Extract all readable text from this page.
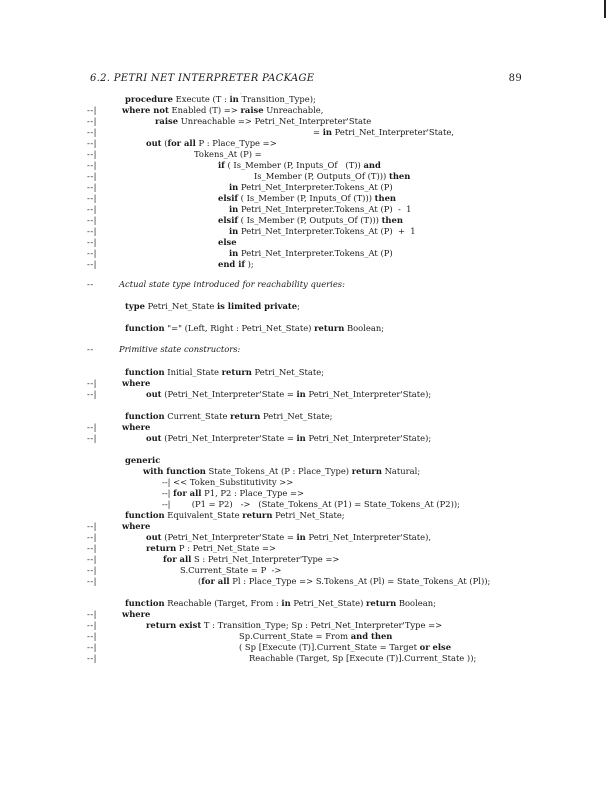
6.2. PETRI NET INTERPRETER PACKAGE	89
. .
procedure Execute (T : in Transition_Type);
--|	where not Enabled (T) => raise Unreachable,
--|	raise Unreachable => Petri_Net_Interpreter'State
--|	= in Petri_Net_Interpreter'State,
--|	out (for all P : Place_Type =>
--|	Tokens_At (P) =
--|	if ( Is_Member (P, Inputs_Of   (T)) and
--|	Is_Member (P, Outputs_Of (T))) then
--|	in Petri_Net_Interpreter.Tokens_At (P)
--|	elsif ( Is_Member (P, Inputs_Of (T))) then
--|	in Petri_Net_Interpreter.Tokens_At (P)  -  1
--|	elsif ( Is_Member (P, Outputs_Of (T))) then
--|	in Petri_Net_Interpreter.Tokens_At (P)  +  1
--|	else
--|	in Petri_Net_Interpreter.Tokens_At (P)
--|	end if );
--	Actual state type introduced for reachability queries:
type Petri_Net_State is limited private;
function "=" (Left, Right : Petri_Net_State) return Boolean;
--	Primitive state constructors:
function Initial_State return Petri_Net_State;
--|	where
--|	out (Petri_Net_Interpreter'State = in Petri_Net_Interpreter'State);
function Current_State return Petri_Net_State;
--|	where
--|	out (Petri_Net_Interpreter'State = in Petri_Net_Interpreter'State);
generic
with function State_Tokens_At (P : Place_Type) return Natural;
--| << Token_Substitutivity >>
--| for all P1, P2 : Place_Type =>
--|        (P1 = P2)   ->   (State_Tokens_At (P1) = State_Tokens_At (P2));
function Equivalent_State return Petri_Net_State;
--|	where
--|	out (Petri_Net_Interpreter'State = in Petri_Net_Interpreter'State),
--|	return P : Petri_Net_State =>
--|	for all S : Petri_Net_Interpreter'Type =>
--|	S.Current_State = P  ->
--|	(for all Pl : Place_Type => S.Tokens_At (Pl) = State_Tokens_At (Pl));
function Reachable (Target, From : in Petri_Net_State) return Boolean;
--|	where
--|	return exist T : Transition_Type; Sp : Petri_Net_Interpreter'Type =>
--|	Sp.Current_State = From and then
--|	( Sp [Execute (T)].Current_State = Target or else
--|	Reachable (Target, Sp [Execute (T)].Current_State ));
